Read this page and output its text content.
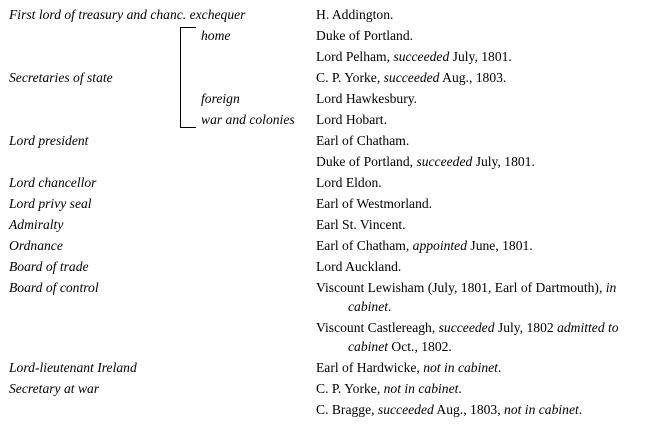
First lord of treasury and chanc. exchequer
home
Secretaries of state
foreign
war and colonies
Lord president
Lord chancellor
Lord privy seal
Admiralty
Ordnance
Board of trade
Board of control
Lord-lieutenant Ireland
Secretary at war
H. Addington.
Duke of Portland.
Lord Pelham, succeeded July, 1801.
C. P. Yorke, succeeded Aug., 1803.
Lord Hawkesbury.
Lord Hobart.
Earl of Chatham.
Duke of Portland, succeeded July, 1801.
Lord Eldon.
Earl of Westmorland.
Earl St. Vincent.
Earl of Chatham, appointed June, 1801.
Lord Auckland.
Viscount Lewisham (July, 1801, Earl of Dartmouth), in
cabinet.
Viscount Castlereagh, succeeded July, 1802 admitted to
cabinet Oct., 1802.
Earl of Hardwicke, not in cabinet.
C. P. Yorke, not in cabinet.
C. Bragge, succeeded Aug., 1803, not in cabinet.
